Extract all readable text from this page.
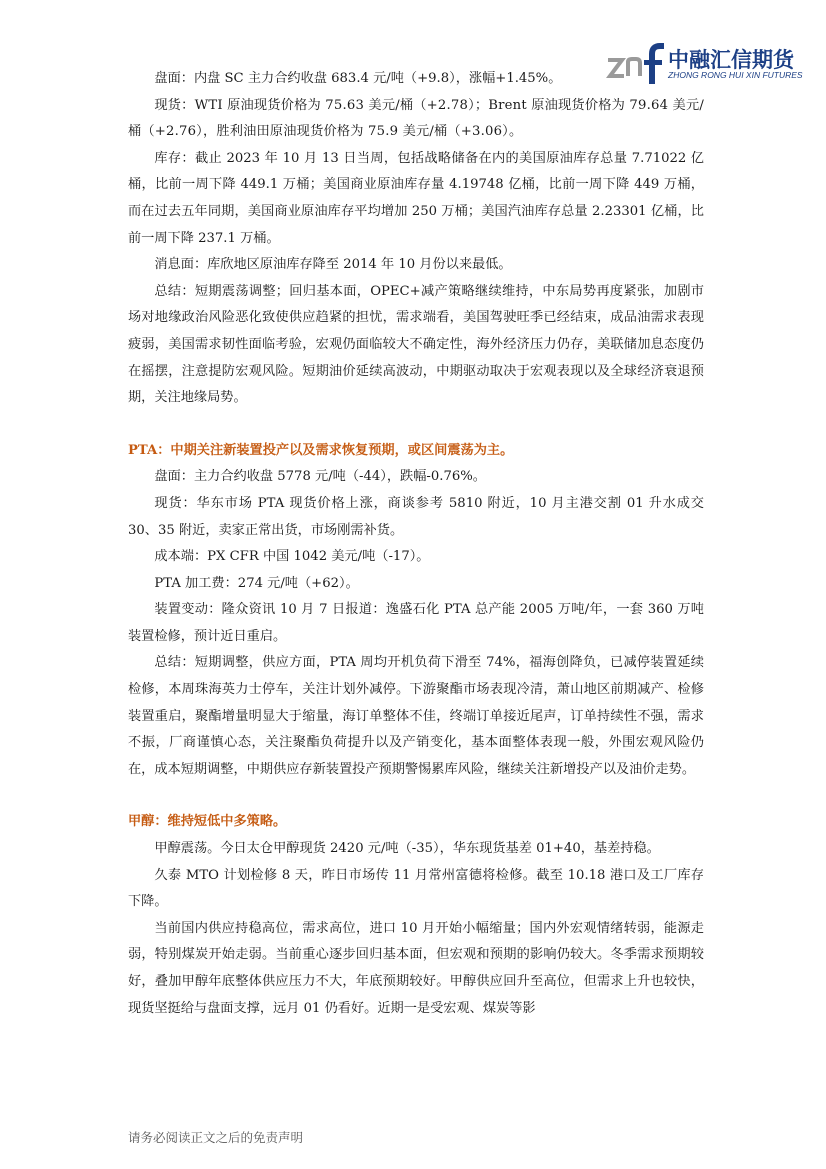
中融汇信期货
ZHONG RONG HUI XIN FUTURES

盘面：内盘 SC 主力合约收盘 683.4 元/吨（+9.8），涨幅+1.45%。

现货：WTI 原油现货价格为 75.63 美元/桶（+2.78）；Brent 原油现货价格为 79.64 美元/桶（+2.76），胜利油田原油现货价格为 75.9 美元/桶（+3.06）。

库存：截止 2023 年 10 月 13 日当周，包括战略储备在内的美国原油库存总量 7.71022 亿桶，比前一周下降 449.1 万桶；美国商业原油库存量 4.19748 亿桶，比前一周下降 449 万桶，而在过去五年同期，美国商业原油库存平均增加 250 万桶；美国汽油库存总量 2.23301 亿桶，比前一周下降 237.1 万桶。

消息面：库欣地区原油库存降至 2014 年 10 月份以来最低。

总结：短期震荡调整；回归基本面，OPEC+减产策略继续维持，中东局势再度紧张，加剧市场对地缘政治风险恶化致使供应趋紧的担忧，需求端看，美国驾驶旺季已经结束，成品油需求表现疲弱，美国需求韧性面临考验，宏观仍面临较大不确定性，海外经济压力仍存，美联储加息态度仍在摇摆，注意提防宏观风险。短期油价延续高波动，中期驱动取决于宏观表现以及全球经济衰退预期，关注地缘局势。

PTA：中期关注新装置投产以及需求恢复预期，或区间震荡为主。

盘面：主力合约收盘 5778 元/吨（-44），跌幅-0.76%。

现货：华东市场 PTA 现货价格上涨，商谈参考 5810 附近，10 月主港交割 01 升水成交 30、35 附近，卖家正常出货，市场刚需补货。

成本端：PX CFR 中国 1042 美元/吨（-17）。

PTA 加工费：274 元/吨（+62）。

装置变动：隆众资讯 10 月 7 日报道：逸盛石化 PTA 总产能 2005 万吨/年，一套 360 万吨装置检修，预计近日重启。

总结：短期调整，供应方面，PTA 周均开机负荷下滑至 74%，福海创降负，已减停装置延续检修，本周珠海英力士停车，关注计划外减停。下游聚酯市场表现冷清，萧山地区前期减产、检修装置重启，聚酯增量明显大于缩量，海订单整体不佳，终端订单接近尾声，订单持续性不强，需求不振，厂商谨慎心态，关注聚酯负荷提升以及产销变化，基本面整体表现一般，外围宏观风险仍在，成本短期调整，中期供应存新装置投产预期警惕累库风险，继续关注新增投产以及油价走势。

甲醇：维持短低中多策略。

甲醇震荡。今日太仓甲醇现货 2420 元/吨（-35），华东现货基差 01+40，基差持稳。

久泰 MTO 计划检修 8 天，昨日市场传 11 月常州富德将检修。截至 10.18 港口及工厂库存下降。

当前国内供应持稳高位，需求高位，进口 10 月开始小幅缩量；国内外宏观情绪转弱，能源走弱，特别煤炭开始走弱。当前重心逐步回归基本面，但宏观和预期的影响仍较大。冬季需求预期较好，叠加甲醇年底整体供应压力不大，年底预期较好。甲醇供应回升至高位，但需求上升也较快，现货坚挺给与盘面支撑，远月 01 仍看好。近期一是受宏观、煤炭等影

请务必阅读正文之后的免责声明
